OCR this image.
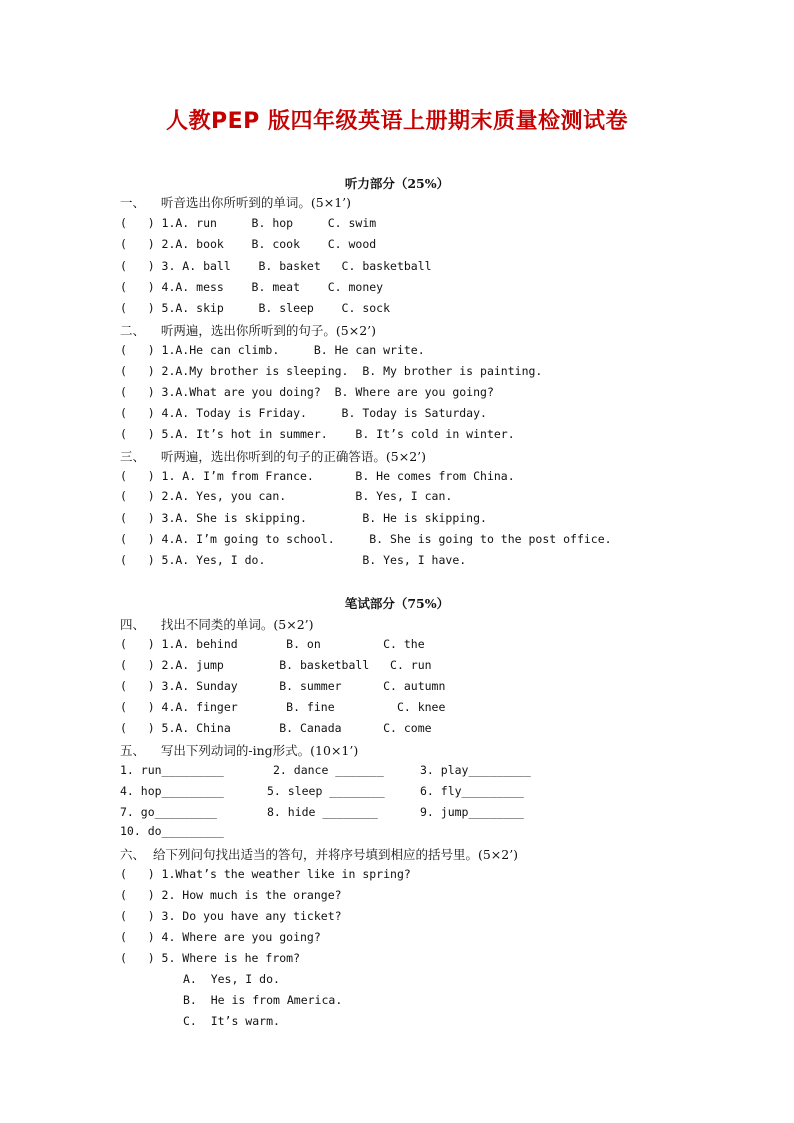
人教PEP 版四年级英语上册期末质量检测试卷
听力部分（25%）
一、    听音选出你所听到的单词。(5×1’)
(   ) 1.A. run     B. hop     C. swim
(   ) 2.A. book    B. cook    C. wood
(   ) 3. A. ball    B. basket   C. basketball
(   ) 4.A. mess    B. meat    C. money
(   ) 5.A. skip     B. sleep    C. sock
二、    听两遍，选出你所听到的句子。(5×2’)
(   ) 1.A.He can climb.     B. He can write.
(   ) 2.A.My brother is sleeping.  B. My brother is painting.
(   ) 3.A.What are you doing?  B. Where are you going?
(   ) 4.A. Today is Friday.     B. Today is Saturday.
(   ) 5.A. It’s hot in summer.    B. It’s cold in winter.
三、    听两遍，选出你听到的句子的正确答语。(5×2’)
(   ) 1. A. I’m from France.      B. He comes from China.
(   ) 2.A. Yes, you can.          B. Yes, I can.
(   ) 3.A. She is skipping.        B. He is skipping.
(   ) 4.A. I’m going to school.     B. She is going to the post office.
(   ) 5.A. Yes, I do.              B. Yes, I have.
笔试部分（75%）
四、    找出不同类的单词。(5×2’)
(   ) 1.A. behind       B. on         C. the
(   ) 2.A. jump        B. basketball   C. run
(   ) 3.A. Sunday      B. summer      C. autumn
(   ) 4.A. finger       B. fine         C. knee
(   ) 5.A. China       B. Canada      C. come
五、    写出下列动词的-ing形式。(10×1’)
1. run_________	2. dance _______	3. play_________
4. hop_________	5. sleep ________	6. fly_________
7. go_________	8. hide ________	9. jump________
10. do_________
六、  给下列问句找出适当的答句，并将序号填到相应的括号里。(5×2’)
(   ) 1.What’s the weather like in spring?
(   ) 2. How much is the orange?
(   ) 3. Do you have any ticket?
(   ) 4. Where are you going?
(   ) 5. Where is he from?
A.  Yes, I do.
B.  He is from America.
C.  It’s warm.
